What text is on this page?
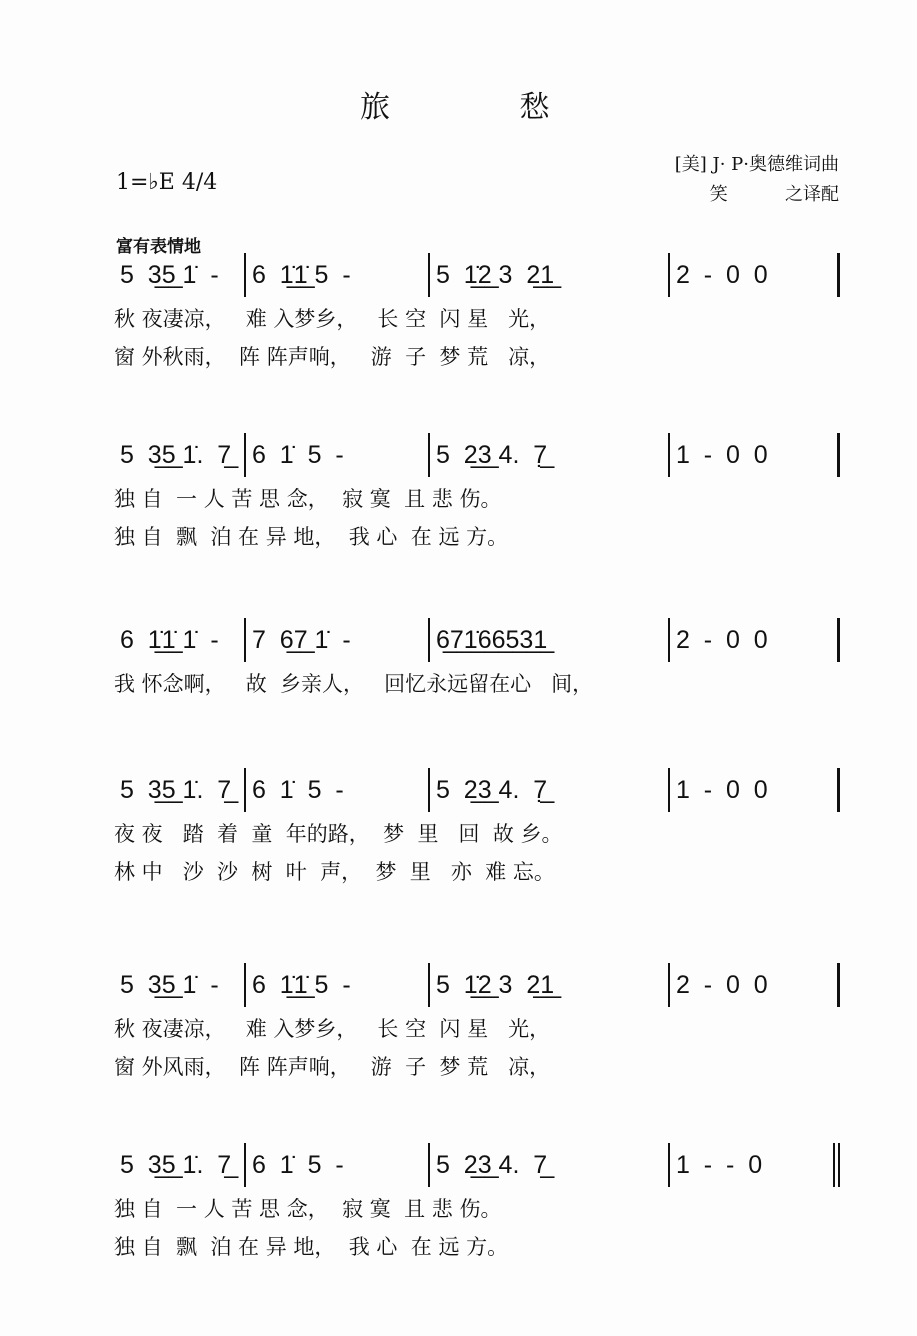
旅 愁
[美] J· P·奥德维词曲
笑          之译配
1=♭E 4/4
富有表情地
5  3̲5̲ 1̇  -	6  1̲̇1̲̇ 5  -	5  1̲̇2̲ 3  2̲1̲	2  -  0  0
秋 夜凄凉，   难 入梦乡，   长 空  闪 星   光，
窗 外秋雨，  阵 阵声响，   游  子  梦 荒   凉，
5  3̲5̲ 1̇.  7̲ 6  1̇  5  -	5  2̲3̲ 4.  7̲̣	1  -  0  0
独 自  一 人 苦 思 念，  寂 寞  且 悲 伤。
独 自  飘  泊 在 异 地，  我 心  在 远 方。
6  1̲̇1̲̇ 1̇  -	7  6̲7̲ 1̇  -	6̲7̲1̲̇6̲6̲5̲3̲1̲	2  -  0  0
我 怀念啊，   故  乡亲人，   回忆永远留在心   间，
5  3̲5̲ 1̇.  7̲ 6  1̇  5  -	5  2̲3̲ 4.  7̲̣	1  -  0  0
夜 夜   踏  着  童  年的路，  梦  里   回  故 乡。
林 中   沙  沙  树  叶  声，  梦  里   亦  难 忘。
5  3̲5̲ 1̇  -	6  1̲̇1̲̇ 5  -	5  1̲̇2̲ 3  2̲1̲	2  -  0  0
秋 夜凄凉，   难 入梦乡，   长 空  闪 星   光，
窗 外风雨，  阵 阵声响，   游  子  梦 荒   凉，
5  3̲5̲ 1̇.  7̲ 6  1̇  5  -	5  2̲3̲ 4.  7̲	1  -  -  0
独 自  一 人 苦 思 念，  寂 寞  且 悲 伤。
独 自  飘  泊 在 异 地，  我 心  在 远 方。
